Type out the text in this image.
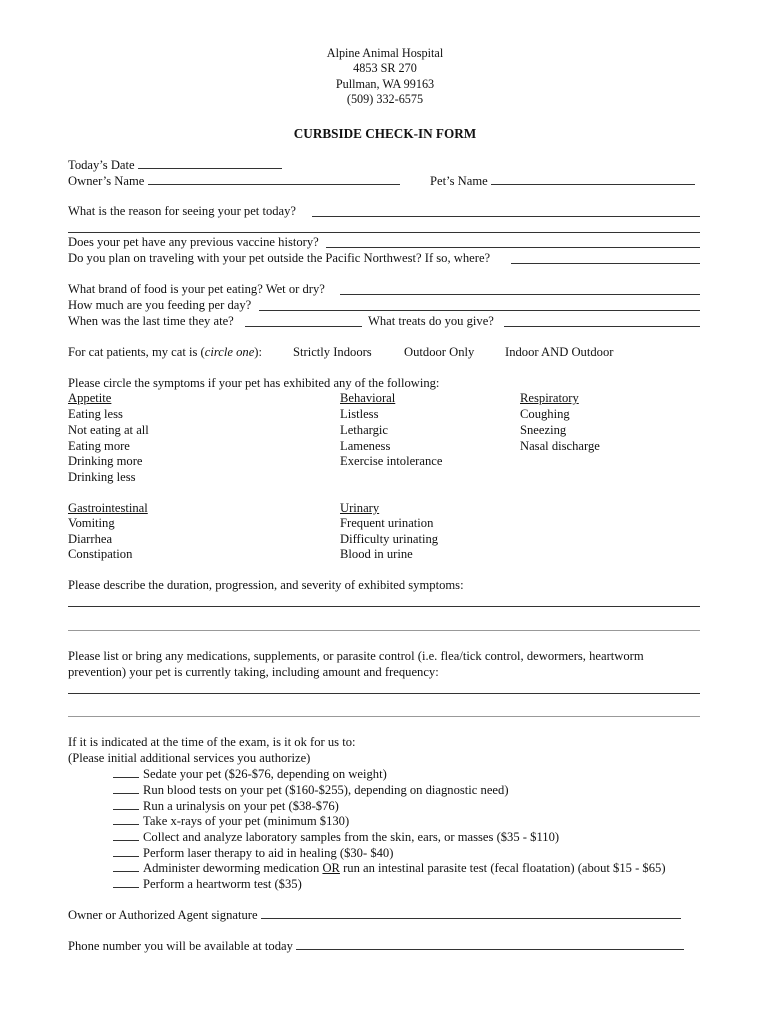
Alpine Animal Hospital
4853 SR 270
Pullman, WA 99163
(509) 332-6575
CURBSIDE CHECK-IN FORM
Today’s Date
Owner’s Name	Pet’s Name
What is the reason for seeing your pet today?
Does your pet have any previous vaccine history?
Do you plan on traveling with your pet outside the Pacific Northwest? If so, where?
What brand of food is your pet eating? Wet or dry?
How much are you feeding per day?
When was the last time they ate?	What treats do you give?
For cat patients, my cat is (circle one): Strictly Indoors	Outdoor Only Indoor AND Outdoor
Please circle the symptoms if your pet has exhibited any of the following:
Appetite
Eating less
Not eating at all
Eating more
Drinking more
Drinking less
Behavioral
Listless
Lethargic
Lameness
Exercise intolerance
Respiratory
Coughing
Sneezing
Nasal discharge
Gastrointestinal
Vomiting
Diarrhea
Constipation
Urinary
Frequent urination
Difficulty urinating
Blood in urine
Please describe the duration, progression, and severity of exhibited symptoms:
Please list or bring any medications, supplements, or parasite control (i.e. flea/tick control, dewormers, heartworm
prevention) your pet is currently taking, including amount and frequency:
If it is indicated at the time of the exam, is it ok for us to:
(Please initial additional services you authorize)
Sedate your pet ($26-$76, depending on weight)
Run blood tests on your pet ($160-$255), depending on diagnostic need)
Run a urinalysis on your pet ($38-$76)
Take x-rays of your pet (minimum $130)
Collect and analyze laboratory samples from the skin, ears, or masses ($35 - $110)
Perform laser therapy to aid in healing ($30- $40)
Administer deworming medication OR run an intestinal parasite test (fecal floatation) (about $15 - $65)
Perform a heartworm test ($35)
Owner or Authorized Agent signature
Phone number you will be available at today
